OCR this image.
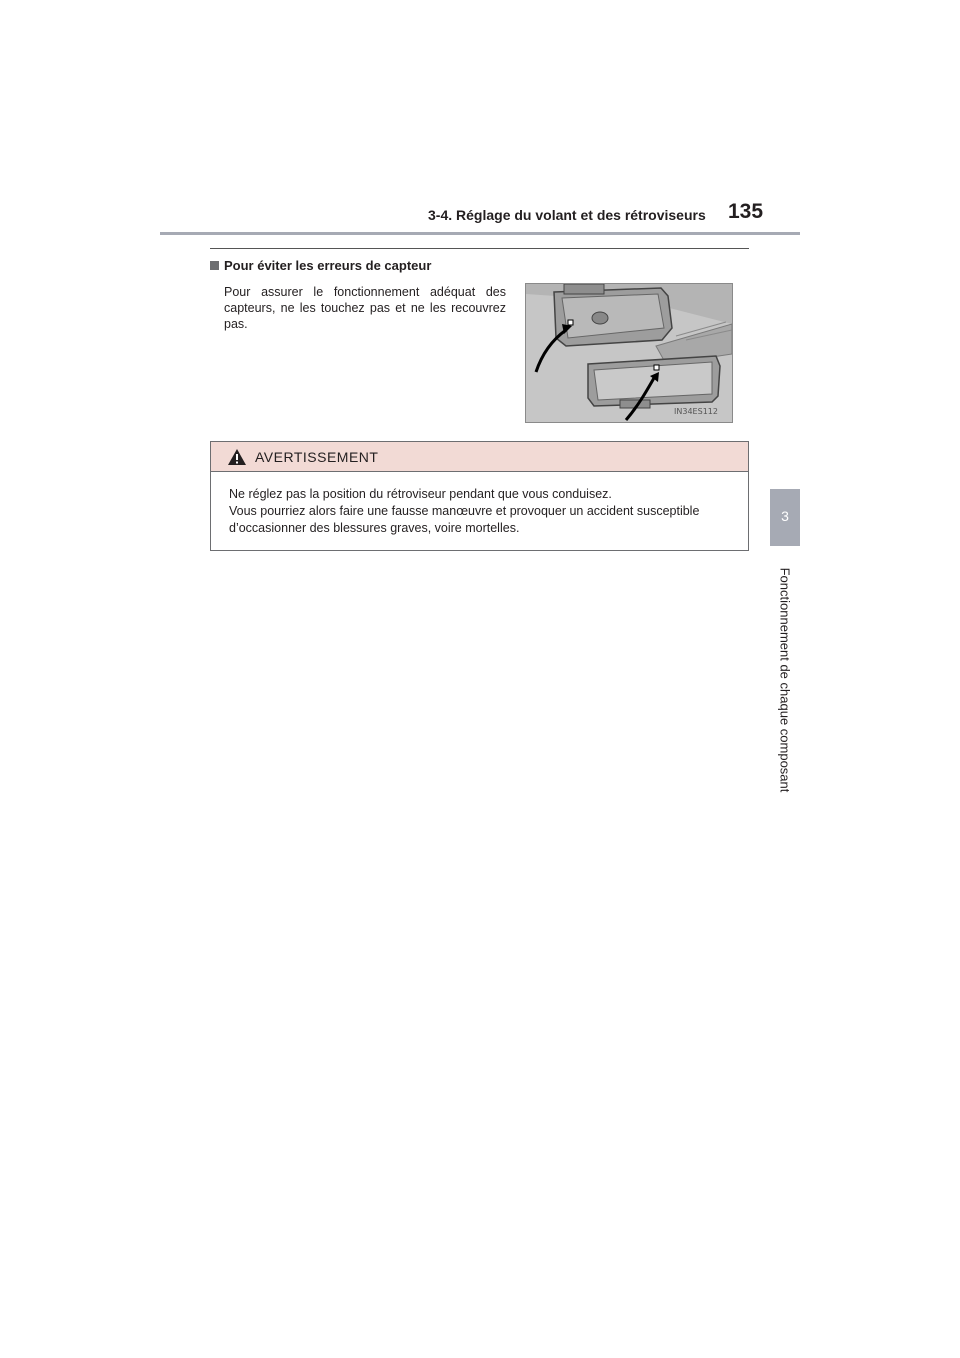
3-4. Réglage du volant et des rétroviseurs 135
3
Fonctionnement de chaque composant
Pour éviter les erreurs de capteur
Pour assurer le fonctionnement adéquat des capteurs, ne les touchez pas et ne les recouvrez pas.
IN34ES112
AVERTISSEMENT

Ne réglez pas la position du rétroviseur pendant que vous conduisez.

Vous pourriez alors faire une fausse manœuvre et provoquer un accident susceptible d’occasionner des blessures graves, voire mortelles.
